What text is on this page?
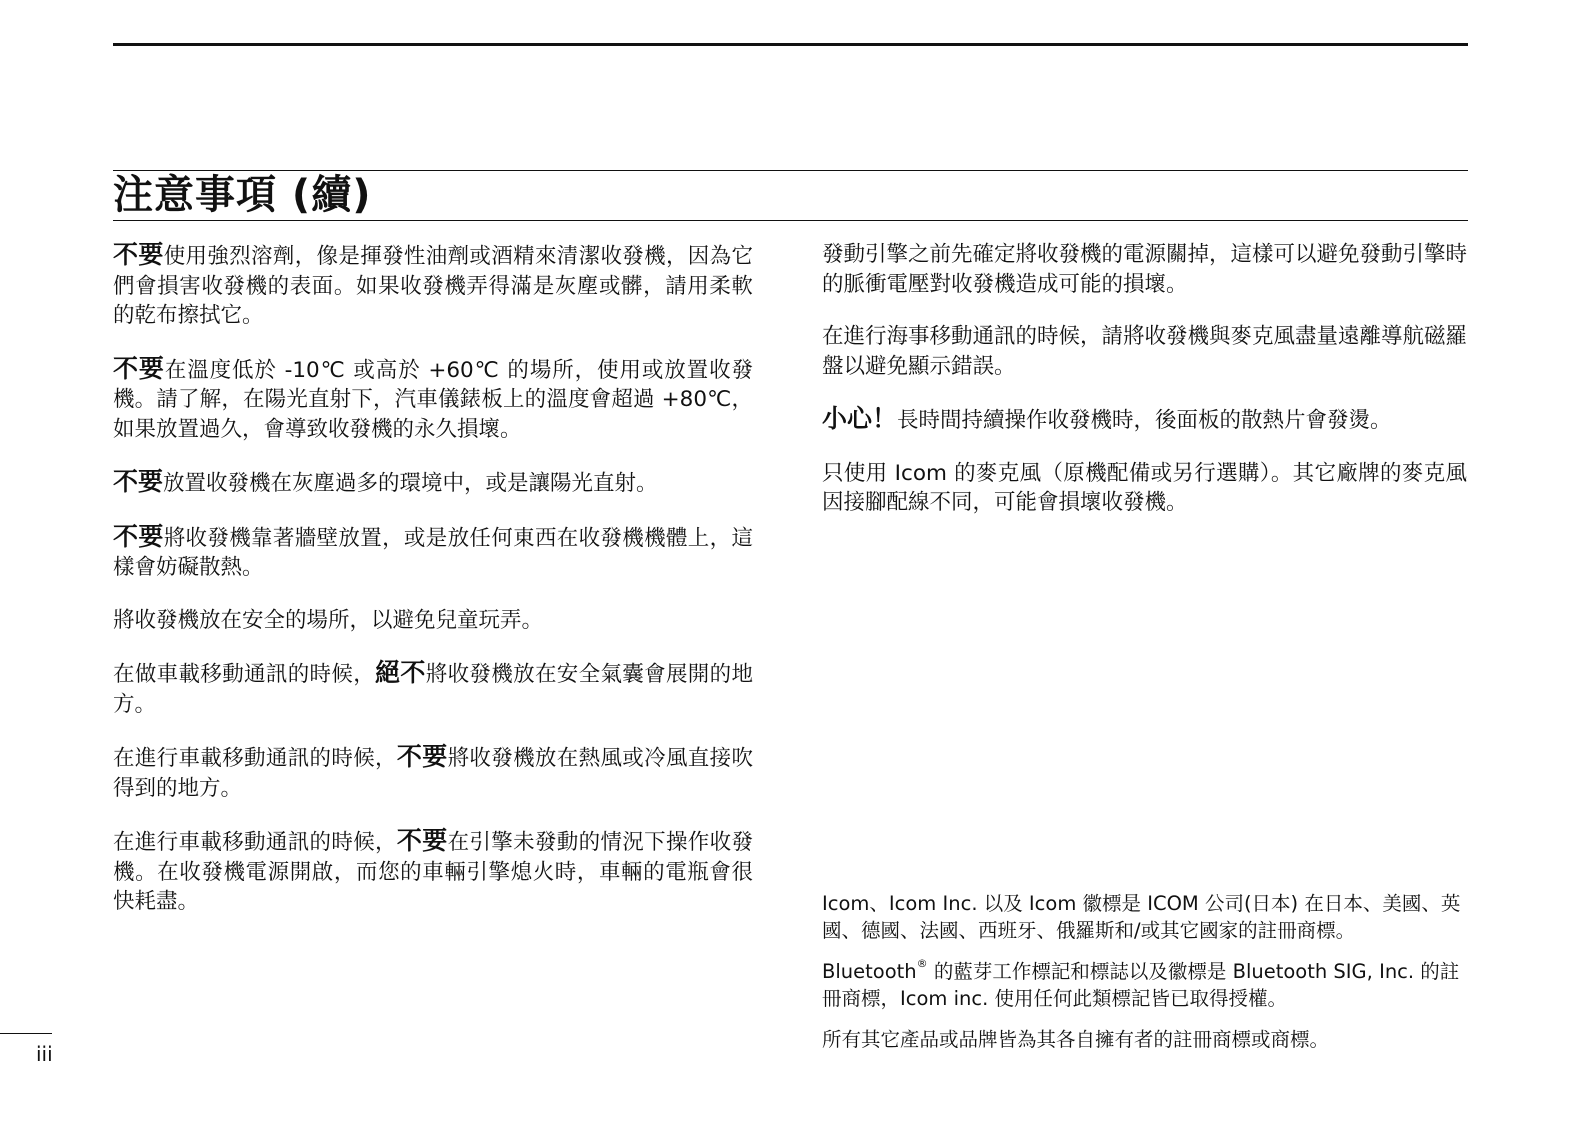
注意事項 (續)

不要使用強烈溶劑，像是揮發性油劑或酒精來清潔收發機，因為它們會損害收發機的表面。如果收發機弄得滿是灰塵或髒，請用柔軟的乾布擦拭它。

不要在溫度低於 -10℃ 或高於 +60℃ 的場所，使用或放置收發機。請了解，在陽光直射下，汽車儀錶板上的溫度會超過 +80℃，如果放置過久，會導致收發機的永久損壞。

不要放置收發機在灰塵過多的環境中，或是讓陽光直射。

不要將收發機靠著牆壁放置，或是放任何東西在收發機機體上，這樣會妨礙散熱。

將收發機放在安全的場所，以避免兒童玩弄。

在做車載移動通訊的時候，絕不將收發機放在安全氣囊會展開的地方。

在進行車載移動通訊的時候，不要將收發機放在熱風或冷風直接吹得到的地方。

在進行車載移動通訊的時候，不要在引擎未發動的情況下操作收發機。在收發機電源開啟，而您的車輛引擎熄火時，車輛的電瓶會很快耗盡。

發動引擎之前先確定將收發機的電源關掉，這樣可以避免發動引擎時的脈衝電壓對收發機造成可能的損壞。

在進行海事移動通訊的時候，請將收發機與麥克風盡量遠離導航磁羅盤以避免顯示錯誤。

小心！長時間持續操作收發機時，後面板的散熱片會發燙。

只使用 Icom 的麥克風（原機配備或另行選購）。其它廠牌的麥克風因接腳配線不同，可能會損壞收發機。

Icom、Icom Inc. 以及 Icom 徽標是 ICOM 公司(日本) 在日本、美國、英國、德國、法國、西班牙、俄羅斯和/或其它國家的註冊商標。

Bluetooth® 的藍芽工作標記和標誌以及徽標是 Bluetooth SIG, Inc. 的註冊商標，Icom inc. 使用任何此類標記皆已取得授權。

所有其它產品或品牌皆為其各自擁有者的註冊商標或商標。

iii
